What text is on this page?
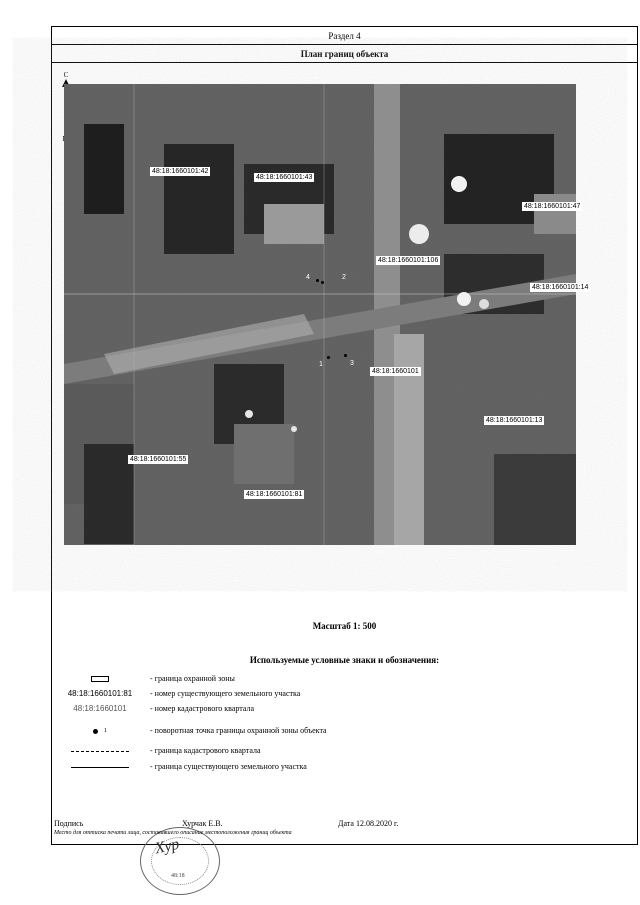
Раздел 4
План границ объекта
С
48:18:1660101:42
48:18:1660101:43
48:18:1660101:47
48:18:1660101:106
48:18:1660101:14
48:18:1660101
48:18:1660101:13
48:18:1660101:55
48:18:1660101:81
2
1	3
4
Масштаб 1: 500
Используемые условные знаки и обозначения:
- граница охранной зоны
48:18:1660101:81	- номер существующего земельного участка
48:18:1660101	- номер кадастрового квартала
1	- поворотная точка границы охранной зоны объекта
- граница кадастрового квартала
- граница существующего земельного участка
Хур
48:18
Подпись	Хурчак Е.В.	Дата 12.08.2020 г.
Место для оттиска печати лица, составившего описание местоположения границ объекта
